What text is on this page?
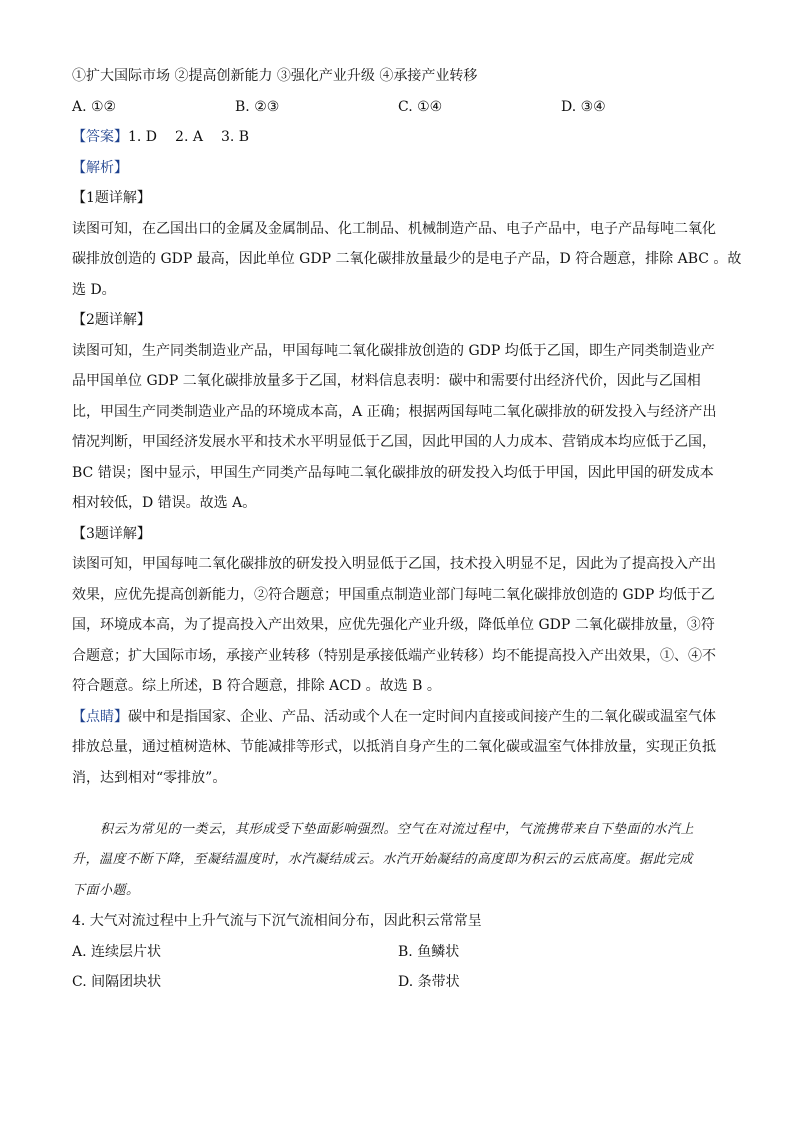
①扩大国际市场 ②提高创新能力 ③强化产业升级 ④承接产业转移
A. ①②	B. ②③	C. ①④	D. ③④
【答案】1. D 2. A 3. B
【解析】
【1题详解】
读图可知，在乙国出口的金属及金属制品、化工制品、机械制造产品、电子产品中，电子产品每吨二氧化
碳排放创造的 GDP 最高，因此单位 GDP 二氧化碳排放量最少的是电子产品，D 符合题意，排除 ABC 。故
选 D。
【2题详解】
读图可知，生产同类制造业产品，甲国每吨二氧化碳排放创造的 GDP 均低于乙国，即生产同类制造业产
品甲国单位 GDP 二氧化碳排放量多于乙国，材料信息表明：碳中和需要付出经济代价，因此与乙国相
比，甲国生产同类制造业产品的环境成本高，A 正确；根据两国每吨二氧化碳排放的研发投入与经济产出
情况判断，甲国经济发展水平和技术水平明显低于乙国，因此甲国的人力成本、营销成本均应低于乙国，
BC 错误；图中显示，甲国生产同类产品每吨二氧化碳排放的研发投入均低于甲国，因此甲国的研发成本
相对较低，D 错误。故选 A。
【3题详解】
读图可知，甲国每吨二氧化碳排放的研发投入明显低于乙国，技术投入明显不足，因此为了提高投入产出
效果，应优先提高创新能力，②符合题意；甲国重点制造业部门每吨二氧化碳排放创造的 GDP 均低于乙
国，环境成本高，为了提高投入产出效果，应优先强化产业升级，降低单位 GDP 二氧化碳排放量，③符
合题意；扩大国际市场，承接产业转移（特别是承接低端产业转移）均不能提高投入产出效果，①、④不
符合题意。综上所述，B 符合题意，排除 ACD 。故选 B 。
【点睛】碳中和是指国家、企业、产品、活动或个人在一定时间内直接或间接产生的二氧化碳或温室气体
排放总量，通过植树造林、节能减排等形式，以抵消自身产生的二氧化碳或温室气体排放量，实现正负抵
消，达到相对“零排放”。
积云为常见的一类云，其形成受下垫面影响强烈。空气在对流过程中，气流携带来自下垫面的水汽上
升，温度不断下降，至凝结温度时，水汽凝结成云。水汽开始凝结的高度即为积云的云底高度。据此完成
下面小题。
4. 大气对流过程中上升气流与下沉气流相间分布，因此积云常常呈
A. 连续层片状	B. 鱼鳞状
C. 间隔团块状	D. 条带状
